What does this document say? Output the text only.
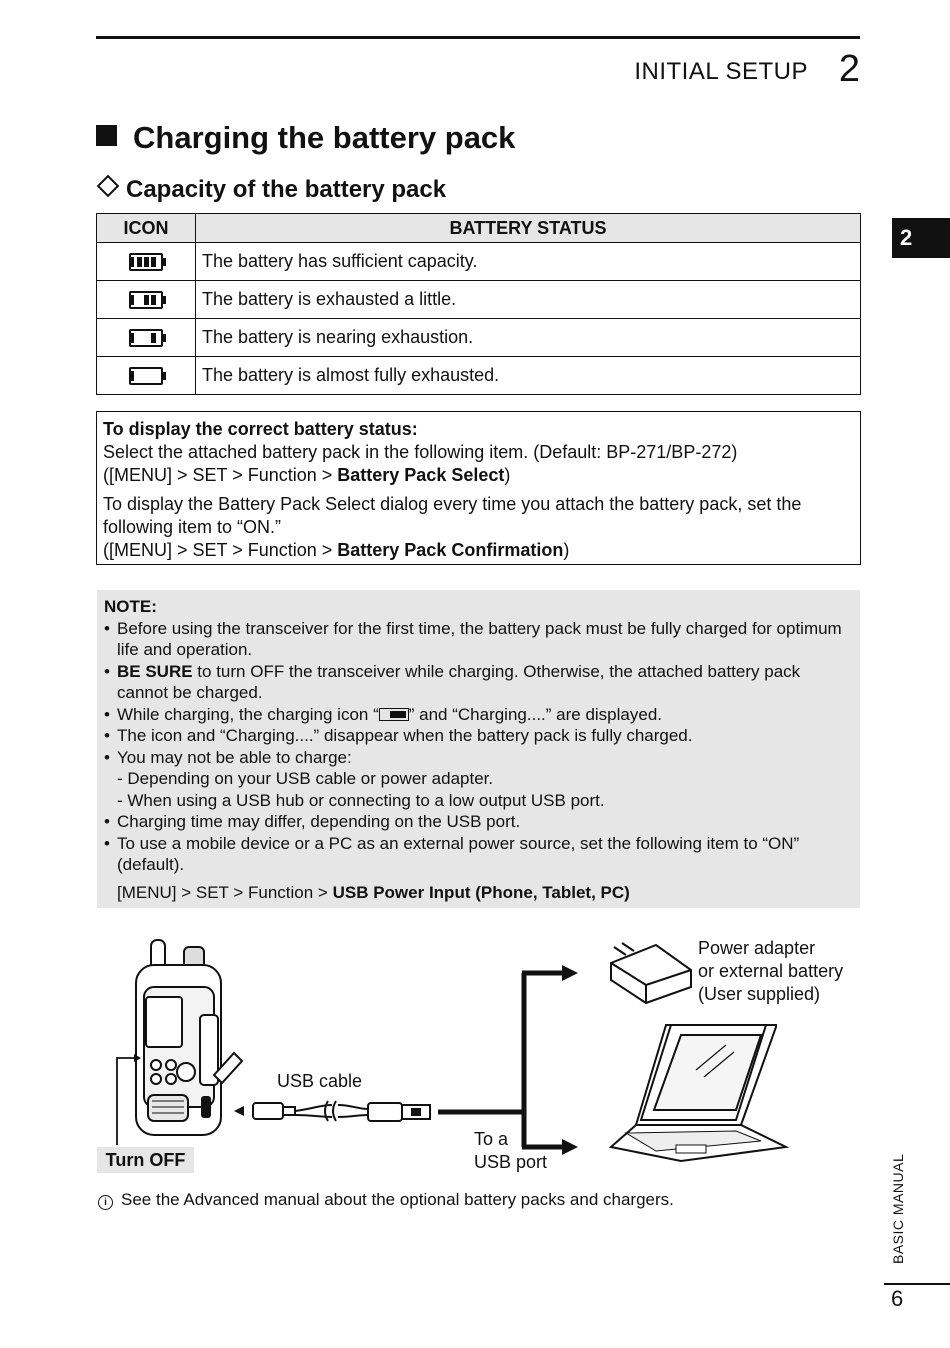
INITIAL SETUP 2
Charging the battery pack
Capacity of the battery pack
ICON	BATTERY STATUS

	The battery has sufficient capacity.

	The battery is exhausted a little.

	The battery is nearing exhaustion.
	The battery is almost fully exhausted.

To display the correct battery status:

Select the attached battery pack in the following item. (Default: BP-271/BP-272)

([MENU] > SET > Function > Battery Pack Select)

To display the Battery Pack Select dialog every time you attach the battery pack, set the following item to “ON.”

([MENU] > SET > Function > Battery Pack Confirmation)

NOTE:
• Before using the transceiver for the first time, the battery pack must be fully charged for optimum life and operation.
• BE SURE to turn OFF the transceiver while charging. Otherwise, the attached battery pack cannot be charged.
• While charging, the charging icon “ ” and “Charging....” are displayed.
• The icon and “Charging....” disappear when the battery pack is fully charged.
• You may not be able to charge:
- Depending on your USB cable or power adapter.
- When using a USB hub or connecting to a low output USB port.
• Charging time may differ, depending on the USB port.
• To use a mobile device or a PC as an external power source, set the following item to “ON” (default).
[MENU] > SET > Function > USB Power Input (Phone, Tablet, PC)
USB cable
Power adapter
or external battery
(User supplied)
To a
USB port
Turn OFF
i See the Advanced manual about the optional battery packs and chargers.
2
BASIC MANUAL
6
